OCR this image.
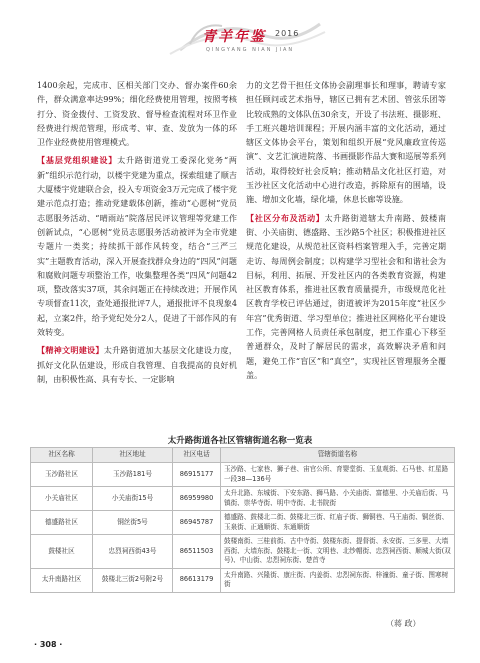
青羊年鉴	2016
QINGYANG NIAN JIAN

1400余起，完成市、区相关部门交办、督办案件60余件，群众满意率达99%；细化经费使用管理，按照考核打分、资金拨付、工资发放、督导检查流程对环卫作业经费进行规范管理，形成考、审、查、发放为一体的环卫作业经费使用管理模式。

【基层党组织建设】太升路街道党工委深化党务“两新”组织示范行动，以楼宇党建为重点，探索组建了顺吉大厦楼宇党建联合会，投入专项资金3万元完成了楼宇党建示范点打造；推动党建载体创新，推动“心愿树”党员志愿服务活动、“晴雨站”院落居民评议管理等党建工作创新试点，“心愿树”党员志愿服务活动被评为全市党建专题片一类奖；持续抓干部作风转变，结合“三严三实”主题教育活动，深入开展查找群众身边的“四风”问题和腐败问题专项整治工作，收集整理各类“四风”问题42项，整改落实37项，其余问题正在持续改进；开展作风专项督查11次，查处通报批评7人，通报批评不良现象4起，立案2件，给予党纪处分2人，促进了干部作风的有效转变。

【精神文明建设】太升路街道加大基层文化建设力度，抓好文化队伍建设，形成自我管理、自我提高的良好机制，由积极性高、具有专长、一定影响

力的文艺骨干担任文体协会副理事长和理事，聘请专家担任顾问或艺术指导，辖区已拥有艺术团、管弦乐团等比较成熟的文体队伍30余支，开设了书法班、摄影班、手工班兴趣培训课程；开展内涵丰富的文化活动，通过辖区文体协会平台，策划和组织开展“党风廉政宣传巡演”、文艺汇演进院落、书画摄影作品大赛和巡展等系列活动，取得较好社会反响；推动精品文化社区打造，对玉沙社区文化活动中心进行改造，拆除原有的围墙，设施、增加文化墙，绿化墙，休息长廊等设施。

【社区分布及活动】太升路街道辖太升南路、鼓楼南街、小关庙街、德盛路、玉沙路5个社区；积极推进社区规范化建设，从规范社区资料档案管理入手，完善定期走访、每周例会制度；以构建学习型社会和和谐社会为目标，利用、拓展、开发社区内的各类教育资源，构建社区教育体系，推进社区教育质量提升，市级规范化社区教育学校已评估通过，街道被评为2015年度“社区少年宫”优秀街道、学习型单位；推进社区网格化平台建设工作，完善网格人员责任承包制度，把工作重心下移至普通群众，及时了解居民的需求，高效解决矛盾和问题，避免工作“盲区”和“真空”，实现社区管理服务全覆盖。

太升路街道各社区管辖街道名称一览表
社区名称	社区地址	社区电话	管辖街道名称
玉沙路社区	玉沙路181号	86915177	玉沙路、七家巷、狮子巷、宙官公所、育婴堂街、玉皇观街、石马巷、红星路一段38—136号
小关庙社区	小关庙街15号	86959980	太升北路、东城街、下安东路、狮马路、小关庙街、富德里、小关庙后街、马镇街、崇华寺街、明中寺街、北书院街
德盛路社区	铜丝街5号	86945787	德盛路、鼓楼北二街、鼓楼北三街、红庙子街、狮铜巷、马王庙街、铜丝街、玉泉街、正通顺街、东通顺街
鼓楼社区	忠烈祠西街43号	86511503	鼓楼南街、三桂前街、古中寺街、鼓楼东街、提督街、永安街、三多里、大墙西街、大墙东街、鼓楼北一街、文明巷、北纱帽街、忠烈祠西街、顺城大街(双号)、中山街、忠烈祠东街、楚首寺
太升南路社区	鼓楼北三街2号附2号	86613179	太升南路、兴隆街、康庄街、内姜街、忠烈祠东街、梓潼街、童子街、图寒树街
（蒋 政）
· 308 ·
